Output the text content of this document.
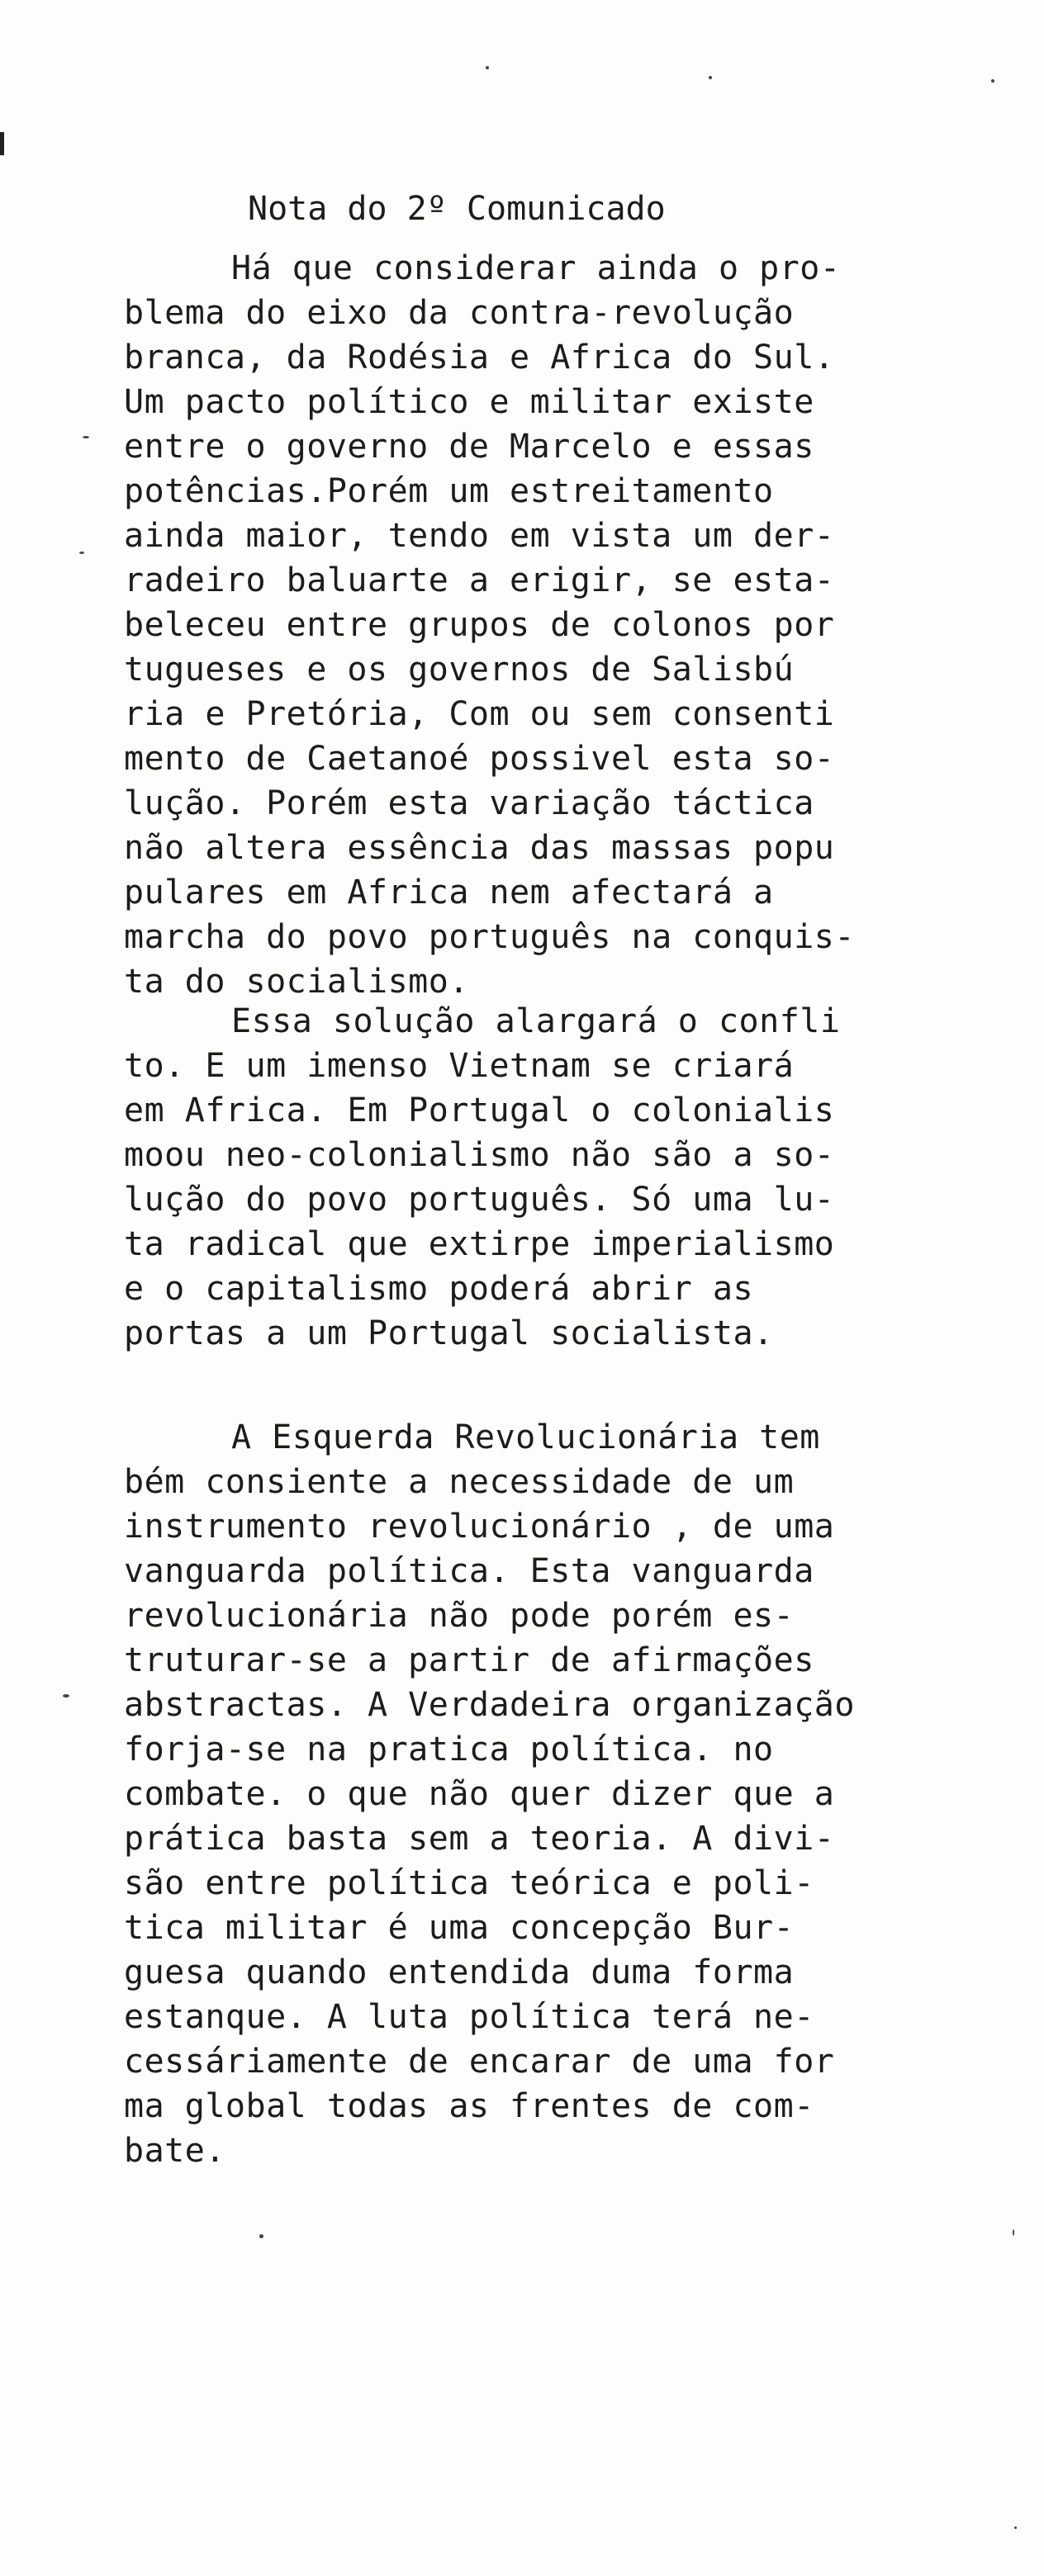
Nota do 2º Comunicado
Há que considerar ainda o pro-
blema do eixo da contra-revolução
branca, da Rodésia e Africa do Sul.
Um pacto político e militar existe
entre o governo de Marcelo e essas
potências.Porém um estreitamento
ainda maior, tendo em vista um der-
radeiro baluarte a erigir, se esta-
beleceu entre grupos de colonos por
tugueses e os governos de Salisbú
ria e Pretória, Com ou sem consenti
mento de Caetanoé possivel esta so-
lução. Porém esta variação táctica
não altera essência das massas popu
pulares em Africa nem afectará a
marcha do povo português na conquis-
ta do socialismo.
Essa solução alargará o confli
to. E um imenso Vietnam se criará
em Africa. Em Portugal o colonialis
moou neo-colonialismo não são a so-
lução do povo português. Só uma lu-
ta radical que extirpe imperialismo
e o capitalismo poderá abrir as
portas a um Portugal socialista.
A Esquerda Revolucionária tem
bém consiente a necessidade de um
instrumento revolucionário , de uma
vanguarda política. Esta vanguarda
revolucionária não pode porém es-
truturar-se a partir de afirmações
abstractas. A Verdadeira organização
forja-se na pratica política. no
combate. o que não quer dizer que a
prática basta sem a teoria. A divi-
são entre política teórica e poli-
tica militar é uma concepção Bur-
guesa quando entendida duma forma
estanque. A luta política terá ne-
cessáriamente de encarar de uma for
ma global todas as frentes de com-
bate.
